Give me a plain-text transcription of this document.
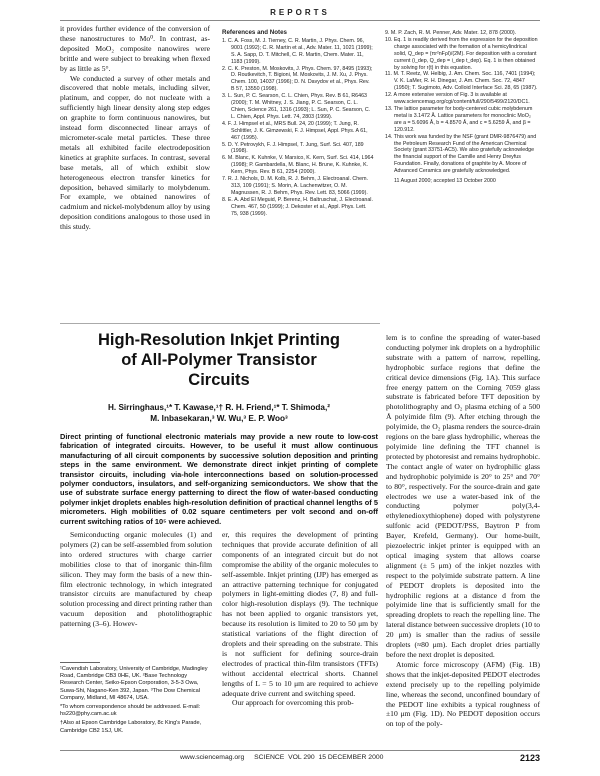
REPORTS

it provides further evidence of the conversion of these nanostructures to Mo⁰. In contrast, as-deposited MoO₂ composite nanowires were brittle and were subject to breaking when flexed by as little as 5°.

We conducted a survey of other metals and discovered that noble metals, including silver, platinum, and copper, do not nucleate with a sufficiently high linear density along step edges on graphite to form continuous nanowires, but instead form disconnected linear arrays of micrometer-scale metal particles. These three metals all exhibited facile electrodeposition kinetics at graphite surfaces. In contrast, several base metals, all of which exhibit slow heterogeneous electron transfer kinetics for deposition, behaved similarly to molybdenum. For example, we obtained nanowires of cadmium and nickel-molybdenum alloy by using deposition conditions analogous to those used in this study.

References and Notes

1. C. A. Foss, M. J. Tierney, C. R. Martin, J. Phys. Chem. 96, 9001 (1992); C. R. Martin et al., Adv. Mater. 11, 1021 (1999); S. A. Sapp, D. T. Mitchell, C. R. Martin, Chem. Mater. 11, 1183 (1999).

2. C. K. Preston, M. Moskovits, J. Phys. Chem. 97, 8495 (1993); D. Routkevitch, T. Bigioni, M. Moskovits, J. M. Xu, J. Phys. Chem. 100, 14037 (1996); D. N. Davydov et al., Phys. Rev. B 57, 13550 (1998).

3. L. Sun, P. C. Searson, C. L. Chien, Phys. Rev. B 61, R6463 (2000); T. M. Whitney, J. S. Jiang, P. C. Searson, C. L. Chien, Science 261, 1316 (1993); L. Sun, P. C. Searson, C. L. Chien, Appl. Phys. Lett. 74, 2803 (1999).

4. F. J. Himpsel et al., MRS Bull. 24, 20 (1999); T. Jung, R. Schlittler, J. K. Gimzewski, F. J. Himpsel, Appl. Phys. A 61, 467 (1995).

5. D. Y. Petrovykh, F. J. Himpsel, T. Jung, Surf. Sci. 407, 189 (1998).

6. M. Blanc, K. Kuhnke, V. Marsico, K. Kern, Surf. Sci. 414, L964 (1998); P. Gambardella, M. Blanc, H. Brune, K. Kuhnke, K. Kern, Phys. Rev. B 61, 2254 (2000).

7. R. J. Nichols, D. M. Kolb, R. J. Behm, J. Electroanal. Chem. 313, 109 (1991); S. Morin, A. Lachenwitzer, O. M. Magnussen, R. J. Behm, Phys. Rev. Lett. 83, 5066 (1999).

8. E. A. Abd El Meguid, P. Berenz, H. Baltruschat, J. Electroanal. Chem. 467, 50 (1999); J. Dekoster et al., Appl. Phys. Lett. 75, 938 (1999).

9. M. P. Zach, R. M. Penner, Adv. Mater. 12, 878 (2000).

10. Eq. 1 is readily derived from the expression for the deposition charge associated with the formation of a hemicylindrical solid, Q_dep = (πr²nFρl)/(2M). For deposition with a constant current (i_dep, Q_dep = i_dep t_dep). Eq. 1 is then obtained by solving for r(t) in this equation.

11. M. T. Reetz, W. Helbig, J. Am. Chem. Soc. 116, 7401 (1994); V. K. LaMer, R. H. Dinegar, J. Am. Chem. Soc. 72, 4847 (1950); T. Sugimoto, Adv. Colloid Interface Sci. 28, 65 (1987).

12. A more extensive version of Fig. 3 is available at www.sciencemag.org/cgi/content/full/290/5499/2120/DC1.

13. The lattice parameter for body-centered cubic molybdenum metal is 3.1472 Å. Lattice parameters for monoclinic MoO₂ are a = 5.6096 Å, b = 4.8570 Å, and c = 5.6259 Å, and β = 120.912.

14. This work was funded by the NSF (grant DMR-9876479) and the Petroleum Research Fund of the American Chemical Society (grant 33751-AC5). We also gratefully acknowledge the financial support of the Camille and Henry Dreyfus Foundation. Finally, donations of graphite by A. Moore of Advanced Ceramics are gratefully acknowledged.

11 August 2000; accepted 13 October 2000

High-Resolution Inkjet Printing
of All-Polymer Transistor
Circuits
H. Sirringhaus,¹* T. Kawase,¹† R. H. Friend,¹* T. Shimoda,²
M. Inbasekaran,³ W. Wu,³ E. P. Woo³
Direct printing of functional electronic materials may provide a new route to low-cost fabrication of integrated circuits. However, to be useful it must allow continuous manufacturing of all circuit components by successive solution deposition and printing steps in the same environment. We demonstrate direct inkjet printing of complete transistor circuits, including via-hole interconnections based on solution-processed polymer conductors, insulators, and self-organizing semiconductors. We show that the use of substrate surface energy patterning to direct the flow of water-based conducting polymer inkjet droplets enables high-resolution definition of practical channel lengths of 5 micrometers. High mobilities of 0.02 square centimeters per volt second and on-off current switching ratios of 10⁵ were achieved.

Semiconducting organic molecules (1) and polymers (2) can be self-assembled from solution into ordered structures with charge carrier mobilities close to that of inorganic thin-film silicon. They may form the basis of a new thin-film electronic technology, in which integrated transistor circuits are manufactured by cheap solution processing and direct printing rather than vacuum deposition and photolithographic patterning (3–6). Howev-

¹Cavendish Laboratory, University of Cambridge, Madingley Road, Cambridge CB3 0HE, UK. ²Base Technology Research Center, Seiko-Epson Corporation, 3-5-3 Owa, Suwa-Shi, Nagano-Ken 392, Japan. ³The Dow Chemical Company, Midland, MI 48674, USA.

*To whom correspondence should be addressed. E-mail: hs220@phy.cam.ac.uk

†Also at Epson Cambridge Laboratory, 8c King's Parade, Cambridge CB2 1SJ, UK.

er, this requires the development of printing techniques that provide accurate definition of all components of an integrated circuit but do not compromise the ability of the organic molecules to self-assemble. Inkjet printing (IJP) has emerged as an attractive patterning technique for conjugated polymers in light-emitting diodes (7, 8) and full-color high-resolution displays (9). The technique has not been applied to organic transistors yet, because its resolution is limited to 20 to 50 μm by statistical variations of the flight direction of droplets and their spreading on the substrate. This is not sufficient for defining source-drain electrodes of practical thin-film transistors (TFTs) without accidental electrical shorts. Channel lengths of L = 5 to 10 μm are required to achieve adequate drive current and switching speed.

Our approach for overcoming this prob-

lem is to confine the spreading of water-based conducting polymer ink droplets on a hydrophilic substrate with a pattern of narrow, repelling, hydrophobic surface regions that define the critical device dimensions (Fig. 1A). This surface free energy pattern on the Corning 7059 glass substrate is fabricated before TFT deposition by photolithography and O₂ plasma etching of a 500 Å polyimide film (9). After etching through the polyimide, the O₂ plasma renders the source-drain regions on the bare glass hydrophilic, whereas the polyimide line defining the TFT channel is protected by photoresist and remains hydrophobic. The contact angle of water on hydrophilic glass and hydrophobic polyimide is 20° to 25° and 70° to 80°, respectively. For the source-drain and gate electrodes we use a water-based ink of the conducting polymer poly(3,4-ethylenedioxythiophene) doped with polystyrene sulfonic acid (PEDOT/PSS, Baytron P from Bayer, Krefeld, Germany). Our home-built, piezoelectric inkjet printer is equipped with an optical imaging system that allows coarse alignment (± 5 μm) of the inkjet nozzles with respect to the polyimide substrate pattern. A line of PEDOT droplets is deposited into the hydrophilic regions at a distance d from the polyimide line that is sufficiently small for the spreading droplets to reach the repelling line. The lateral distance between successive droplets (10 to 20 μm) is smaller than the radius of sessile droplets (≈80 μm). Each droplet dries partially before the next droplet is deposited.

Atomic force microscopy (AFM) (Fig. 1B) shows that the inkjet-deposited PEDOT electrodes extend precisely up to the repelling polyimide line, whereas the second, unconfined boundary of the PEDOT line exhibits a typical roughness of ±10 μm (Fig. 1D). No PEDOT deposition occurs on top of the poly-

www.sciencemag.org SCIENCE  VOL 290  15 DECEMBER 2000	2123
